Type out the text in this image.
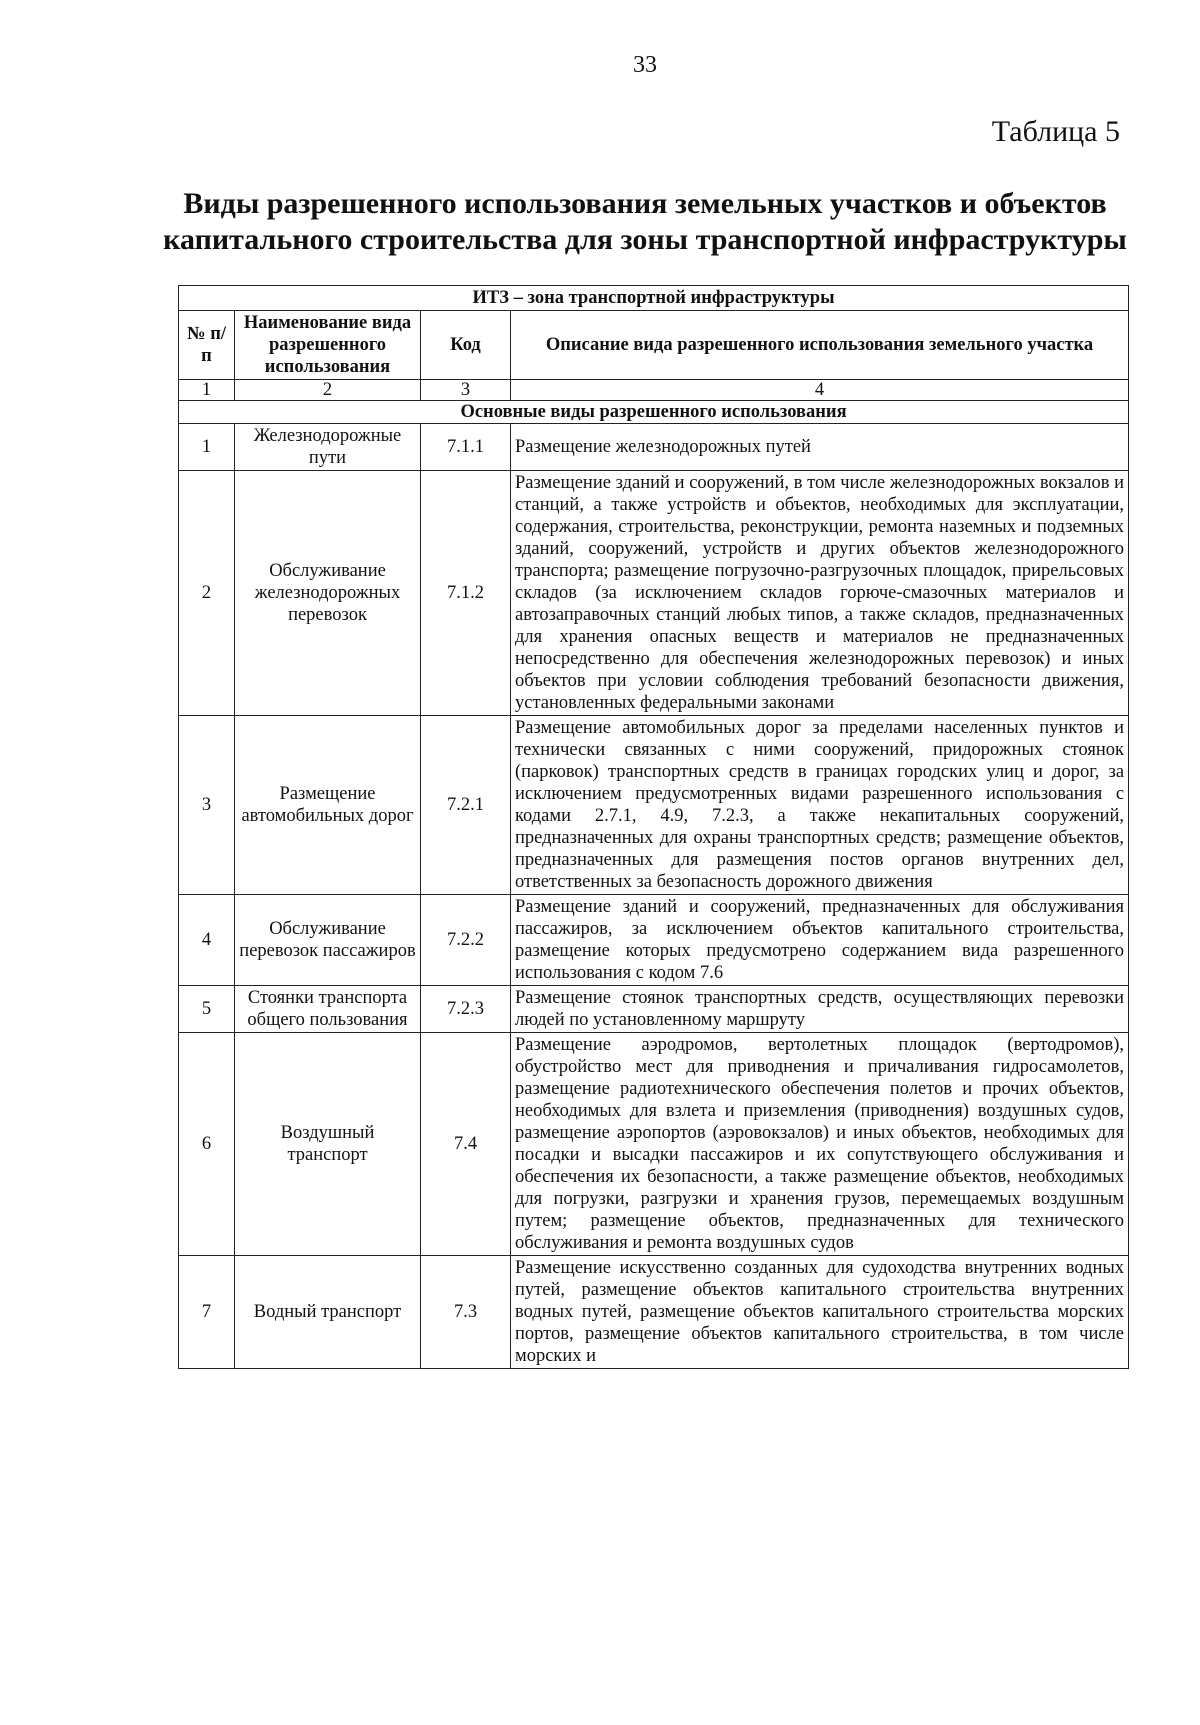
33
Таблица 5
Виды разрешенного использования земельных участков и объектов
капитального строительства для зоны транспортной инфраструктуры
ИТЗ – зона транспортной инфраструктуры			
№ п/п	Наименование вида разрешенного использования	Код	Описание вида разрешенного использования земельного участка
1	2	3	4
Основные виды разрешенного использования			
1	Железнодорожные пути	7.1.1	Размещение железнодорожных путей
2	Обслуживание железнодорожных перевозок	7.1.2	Размещение зданий и сооружений, в том числе железнодорожных вокзалов и станций, а также устройств и объектов, необходимых для эксплуатации, содержания, строительства, реконструкции, ремонта наземных и подземных зданий, сооружений, устройств и других объектов железнодорожного транспорта; размещение погрузочно-разгрузочных площадок, прирельсовых складов (за исключением складов горюче-смазочных материалов и автозаправочных станций любых типов, а также складов, предназначенных для хранения опасных веществ и материалов не предназначенных непосредственно для обеспечения железнодорожных перевозок) и иных объектов при условии соблюдения требований безопасности движения, установленных федеральными законами
3	Размещение автомобильных дорог	7.2.1	Размещение автомобильных дорог за пределами населенных пунктов и технически связанных с ними сооружений, придорожных стоянок (парковок) транспортных средств в границах городских улиц и дорог, за исключением предусмотренных видами разрешенного использования с кодами 2.7.1, 4.9, 7.2.3, а также некапитальных сооружений, предназначенных для охраны транспортных средств; размещение объектов, предназначенных для размещения постов органов внутренних дел, ответственных за безопасность дорожного движения
4	Обслуживание перевозок пассажиров	7.2.2	Размещение зданий и сооружений, предназначенных для обслуживания пассажиров, за исключением объектов капитального строительства, размещение которых предусмотрено содержанием вида разрешенного использования с кодом 7.6
5	Стоянки транспорта общего пользования	7.2.3	Размещение стоянок транспортных средств, осуществляющих перевозки людей по установленному маршруту
6	Воздушный транспорт	7.4	Размещение аэродромов, вертолетных площадок (вертодромов), обустройство мест для приводнения и причаливания гидросамолетов, размещение радиотехнического обеспечения полетов и прочих объектов, необходимых для взлета и приземления (приводнения) воздушных судов, размещение аэропортов (аэровокзалов) и иных объектов, необходимых для посадки и высадки пассажиров и их сопутствующего обслуживания и обеспечения их безопасности, а также размещение объектов, необходимых для погрузки, разгрузки и хранения грузов, перемещаемых воздушным путем; размещение объектов, предназначенных для технического обслуживания и ремонта воздушных судов
7	Водный транспорт	7.3	Размещение искусственно созданных для судоходства внутренних водных путей, размещение объектов капитального строительства внутренних водных путей, размещение объектов капитального строительства морских портов, размещение объектов капитального строительства, в том числе морских и
